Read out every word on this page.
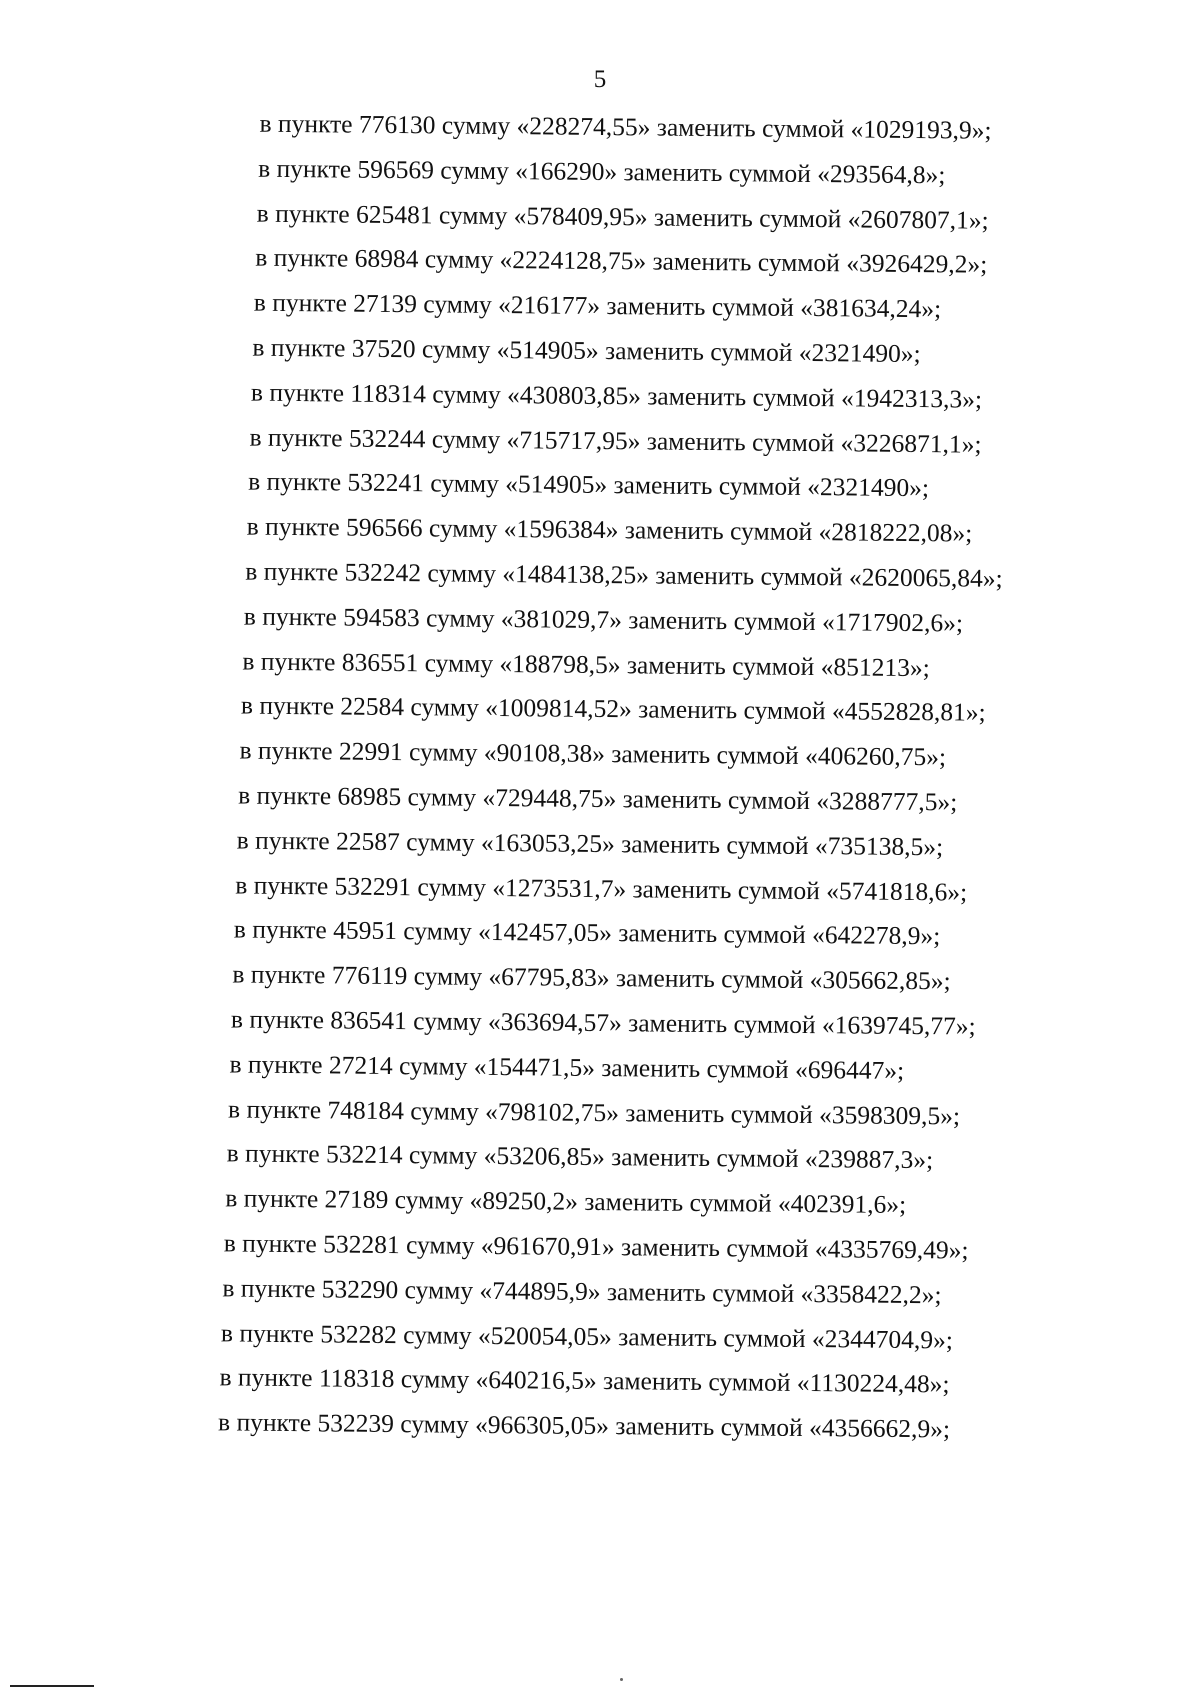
5
в пункте 776130 сумму «228274,55» заменить суммой «1029193,9»;
в пункте 596569 сумму «166290» заменить суммой «293564,8»;
в пункте 625481 сумму «578409,95» заменить суммой «2607807,1»;
в пункте 68984 сумму «2224128,75» заменить суммой «3926429,2»;
в пункте 27139 сумму «216177» заменить суммой «381634,24»;
в пункте 37520 сумму «514905» заменить суммой «2321490»;
в пункте 118314 сумму «430803,85» заменить суммой «1942313,3»;
в пункте 532244 сумму «715717,95» заменить суммой «3226871,1»;
в пункте 532241 сумму «514905» заменить суммой «2321490»;
в пункте 596566 сумму «1596384» заменить суммой «2818222,08»;
в пункте 532242 сумму «1484138,25» заменить суммой «2620065,84»;
в пункте 594583 сумму «381029,7» заменить суммой «1717902,6»;
в пункте 836551 сумму «188798,5» заменить суммой «851213»;
в пункте 22584 сумму «1009814,52» заменить суммой «4552828,81»;
в пункте 22991 сумму «90108,38» заменить суммой «406260,75»;
в пункте 68985 сумму «729448,75» заменить суммой «3288777,5»;
в пункте 22587 сумму «163053,25» заменить суммой «735138,5»;
в пункте 532291 сумму «1273531,7» заменить суммой «5741818,6»;
в пункте 45951 сумму «142457,05» заменить суммой «642278,9»;
в пункте 776119 сумму «67795,83» заменить суммой «305662,85»;
в пункте 836541 сумму «363694,57» заменить суммой «1639745,77»;
в пункте 27214 сумму «154471,5» заменить суммой «696447»;
в пункте 748184 сумму «798102,75» заменить суммой «3598309,5»;
в пункте 532214 сумму «53206,85» заменить суммой «239887,3»;
в пункте 27189 сумму «89250,2» заменить суммой «402391,6»;
в пункте 532281 сумму «961670,91» заменить суммой «4335769,49»;
в пункте 532290 сумму «744895,9» заменить суммой «3358422,2»;
в пункте 532282 сумму «520054,05» заменить суммой «2344704,9»;
в пункте 118318 сумму «640216,5» заменить суммой «1130224,48»;
в пункте 532239 сумму «966305,05» заменить суммой «4356662,9»;
